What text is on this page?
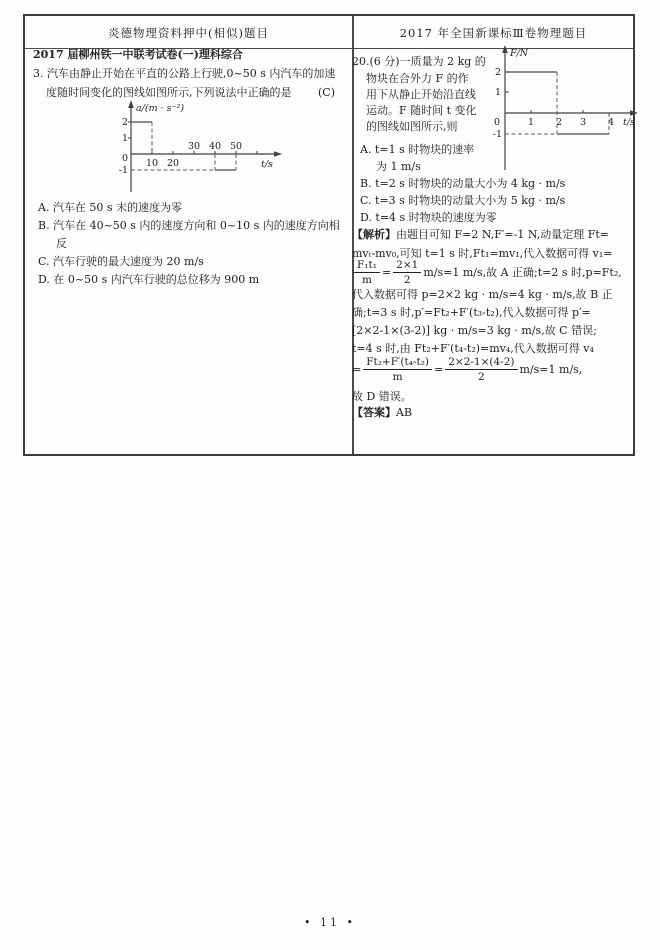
炎德物理资料押中(相似)题目	2017 年全国新课标Ⅲ卷物理题目
2017 届柳州铁一中联考试卷(一)理科综合
3. 汽车由静止开始在平直的公路上行驶,0~50 s 内汽车的加速
度随时间变化的图线如图所示,下列说法中正确的是 (C)
a/(m · s⁻²)
t/s
2
1
0
-1
10 20
30 40 50
A. 汽车在 50 s 末的速度为零
B. 汽车在 40~50 s 内的速度方向和 0~10 s 内的速度方向相
反
C. 汽车行驶的最大速度为 20 m/s
D. 在 0~50 s 内汽车行驶的总位移为 900 m
20.(6 分)一质量为 2 kg 的
物块在合外力 F 的作
用下从静止开始沿直线
运动。F 随时间 t 变化
的图线如图所示,则
F/N
t/s
2
1
0
-1
1 2 3 4
A. t=1 s 时物块的速率
为 1 m/s
B. t=2 s 时物块的动量大小为 4 kg · m/s
C. t=3 s 时物块的动量大小为 5 kg · m/s
D. t=4 s 时物块的速度为零
【解析】由题目可知 F=2 N,F′=-1 N,动量定理 Ft=
mvₜ-mv₀,可知 t=1 s 时,Ft₁=mv₁,代入数据可得 v₁=
$\frac{\text{F₁t₁}}{m} = \frac{2\times 1}{2} m/s=1$ m/s,故 A 正确;t=2 s 时,p=Ft₂,
代入数据可得 p=2×2 kg · m/s=4 kg · m/s,故 B 正
确;t=3 s 时,p′=Ft₂+F′(t₃-t₂),代入数据可得 p′=
[2×2-1×(3-2)] kg · m/s=3 kg · m/s,故 C 错误;
t=4 s 时,由 Ft₂+F′(t₄-t₂)=mv₄,代入数据可得 v₄
= $\frac{\text{Ft₂+F′(t₄-t₂)}}{m} = \frac{2\times 2-1\times(4-2)}{2} m/s=1$ m/s,
故 D 错误。
【答案】AB
• 11 •
